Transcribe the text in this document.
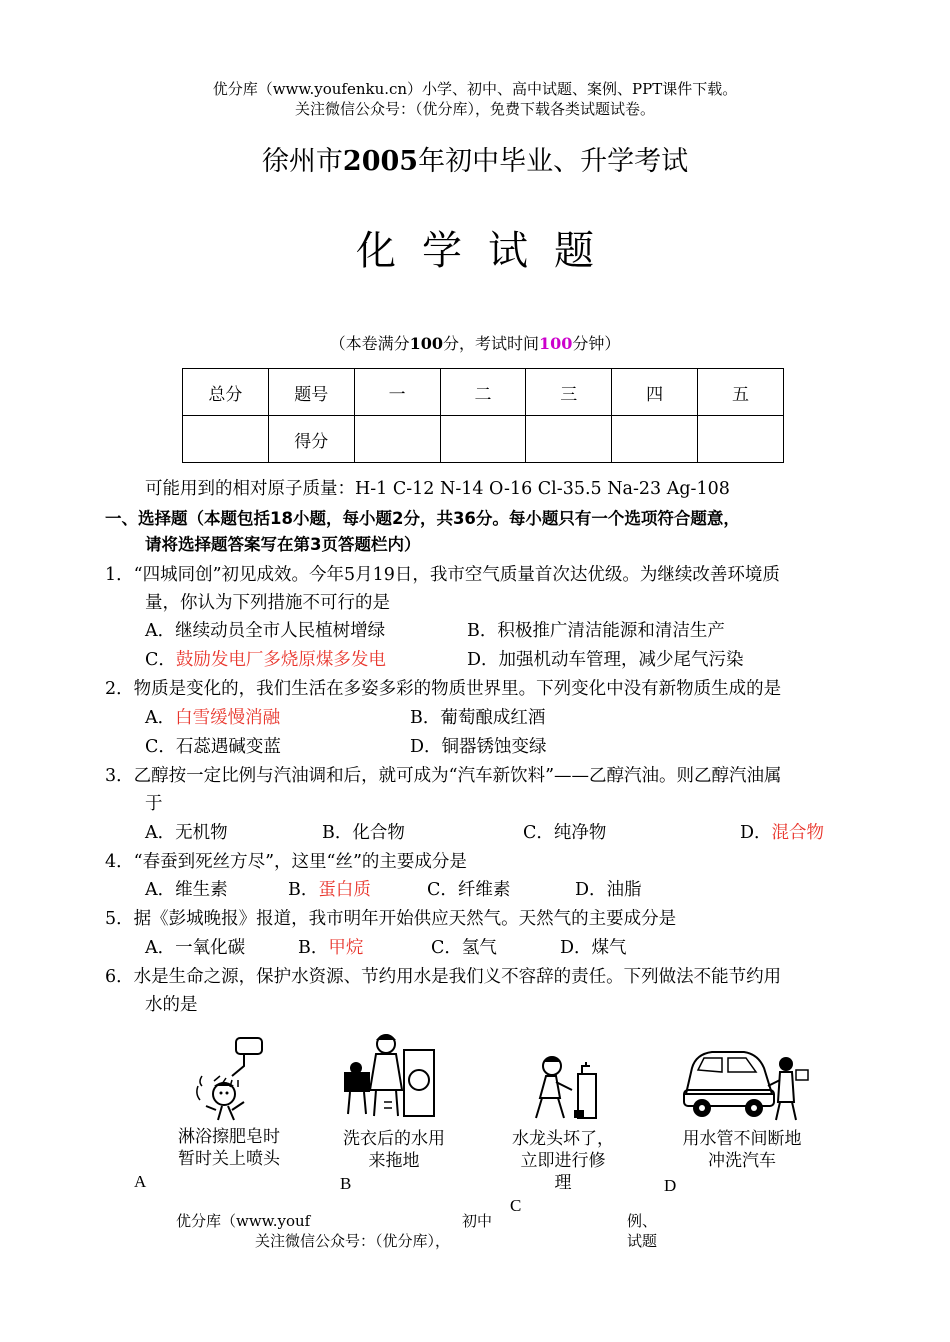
优分库（www.youfenku.cn）小学、初中、高中试题、案例、PPT课件下载。
关注微信公众号：（优分库），免费下载各类试题试卷。
徐州市2005年初中毕业、升学考试
化学试题
（本卷满分100分，考试时间100分钟）
总分	题号	一	二	三	四	五
	得分					
可能用到的相对原子质量：H-1 C-12 N-14 O-16 Cl-35.5 Na-23 Ag-108
一、选择题（本题包括18小题，每小题2分，共36分。每小题只有一个选项符合题意，
请将选择题答案写在第3页答题栏内）
1．“四城同创”初见成效。今年5月19日，我市空气质量首次达优级。为继续改善环境质
量，你认为下列措施不可行的是
A．继续动员全市人民植树增绿	B．积极推广清洁能源和清洁生产
C．鼓励发电厂多烧原煤多发电	D．加强机动车管理，减少尾气污染
2．物质是变化的，我们生活在多姿多彩的物质世界里。下列变化中没有新物质生成的是
A．白雪缓慢消融	B．葡萄酿成红酒
C．石蕊遇碱变蓝	D．铜器锈蚀变绿
3．乙醇按一定比例与汽油调和后，就可成为“汽车新饮料”——乙醇汽油。则乙醇汽油属
于
A．无机物	B．化合物	C．纯净物	D．混合物
4．“春蚕到死丝方尽”，这里“丝”的主要成分是
A．维生素	B．蛋白质	C．纤维素	D．油脂
5．据《彭城晚报》报道，我市明年开始供应天然气。天然气的主要成分是
A．一氧化碳	B．甲烷	C．氢气	D．煤气
6．水是生命之源，保护水资源、节约用水是我们义不容辞的责任。下列做法不能节约用
水的是
淋浴擦肥皂时
暂时关上喷头
A
洗衣后的水用
来拖地
B
水龙头坏了，
立即进行修
理
C
用水管不间断地
冲洗汽车
D
优分库（www.youf	初中	例、
关注微信公众号：（优分库），	试题
